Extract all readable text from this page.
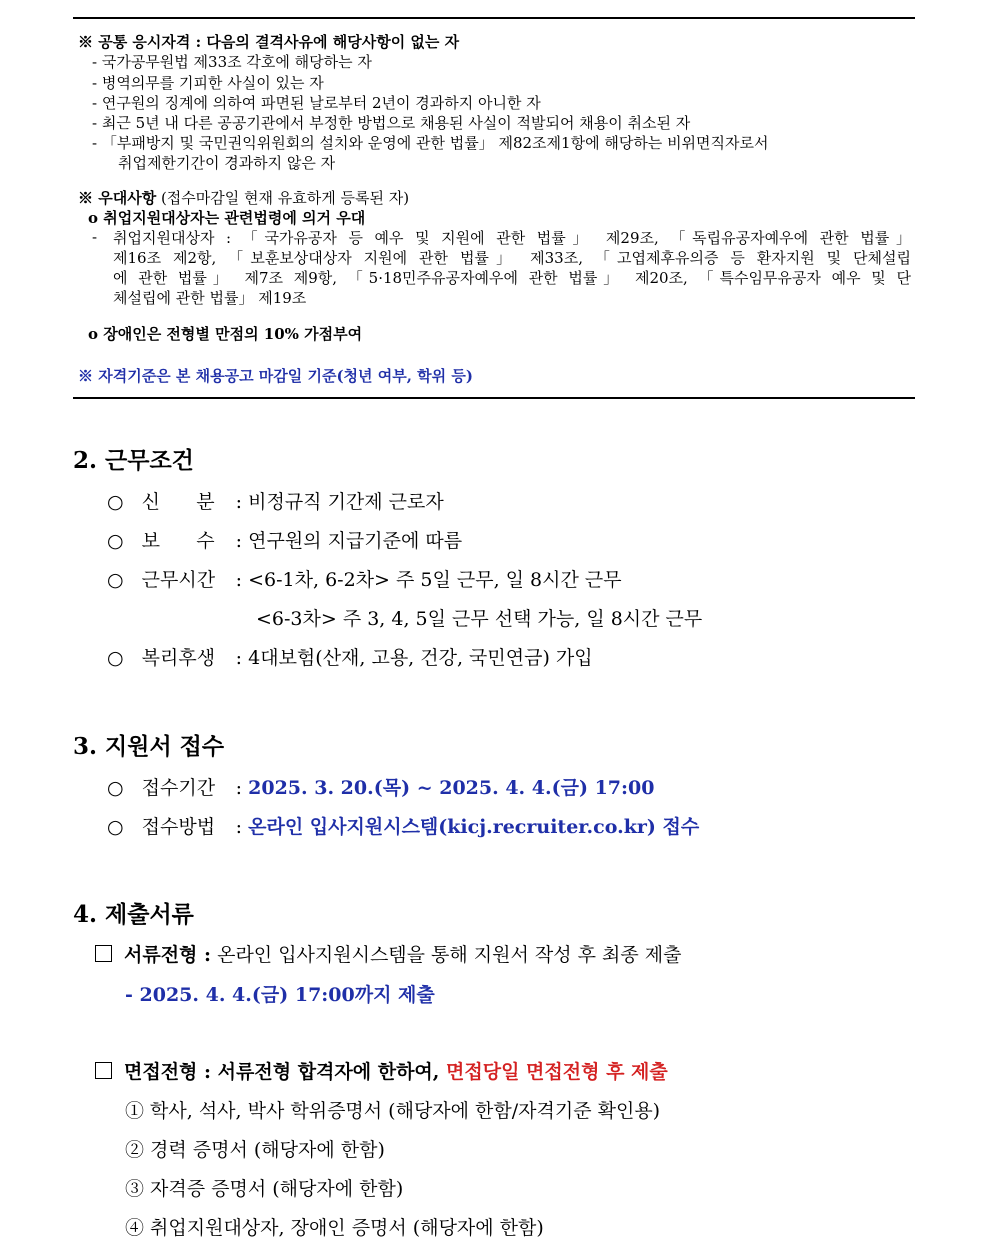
※ 공통 응시자격 : 다음의 결격사유에 해당사항이 없는 자
- 국가공무원법 제33조 각호에 해당하는 자
- 병역의무를 기피한 사실이 있는 자
- 연구원의 징계에 의하여 파면된 날로부터 2년이 경과하지 아니한 자
- 최근 5년 내 다른 공공기관에서 부정한 방법으로 채용된 사실이 적발되어 채용이 취소된 자
- 「부패방지 및 국민권익위원회의 설치와 운영에 관한 법률」 제82조제1항에 해당하는 비위면직자로서
취업제한기간이 경과하지 않은 자
※ 우대사항 (접수마감일 현재 유효하게 등록된 자)
o 취업지원대상자는 관련법령에 의거 우대
- 취업지원대상자 : 「국가유공자 등 예우 및 지원에 관한 법률」 제29조, 「독립유공자예우에 관한 법률」
제16조 제2항, 「보훈보상대상자 지원에 관한 법률」 제33조, 「고엽제후유의증 등 환자지원 및 단체설립
에 관한 법률」 제7조 제9항, 「5·18민주유공자예우에 관한 법률」 제20조, 「특수임무유공자 예우 및 단
체설립에 관한 법률」 제19조
o 장애인은 전형별 만점의 10% 가점부여
※ 자격기준은 본 채용공고 마감일 기준(청년 여부, 학위 등)
2. 근무조건
○ 신      분 : 비정규직 기간제 근로자
○ 보      수 : 연구원의 지급기준에 따름
○ 근무시간 : <6-1차, 6-2차> 주 5일 근무, 일 8시간 근무
<6-3차> 주 3, 4, 5일 근무 선택 가능, 일 8시간 근무
○ 복리후생 : 4대보험(산재, 고용, 건강, 국민연금) 가입
3. 지원서 접수
○ 접수기간 : 2025. 3. 20.(목) ~ 2025. 4. 4.(금) 17:00
○ 접수방법 : 온라인 입사지원시스템(kicj.recruiter.co.kr) 접수
4. 제출서류
서류전형 : 온라인 입사지원시스템을 통해 지원서 작성 후 최종 제출
- 2025. 4. 4.(금) 17:00까지 제출
면접전형 : 서류전형 합격자에 한하여, 면접당일 면접전형 후 제출
① 학사, 석사, 박사 학위증명서 (해당자에 한함/자격기준 확인용)
② 경력 증명서 (해당자에 한함)
③ 자격증 증명서 (해당자에 한함)
④ 취업지원대상자, 장애인 증명서 (해당자에 한함)
